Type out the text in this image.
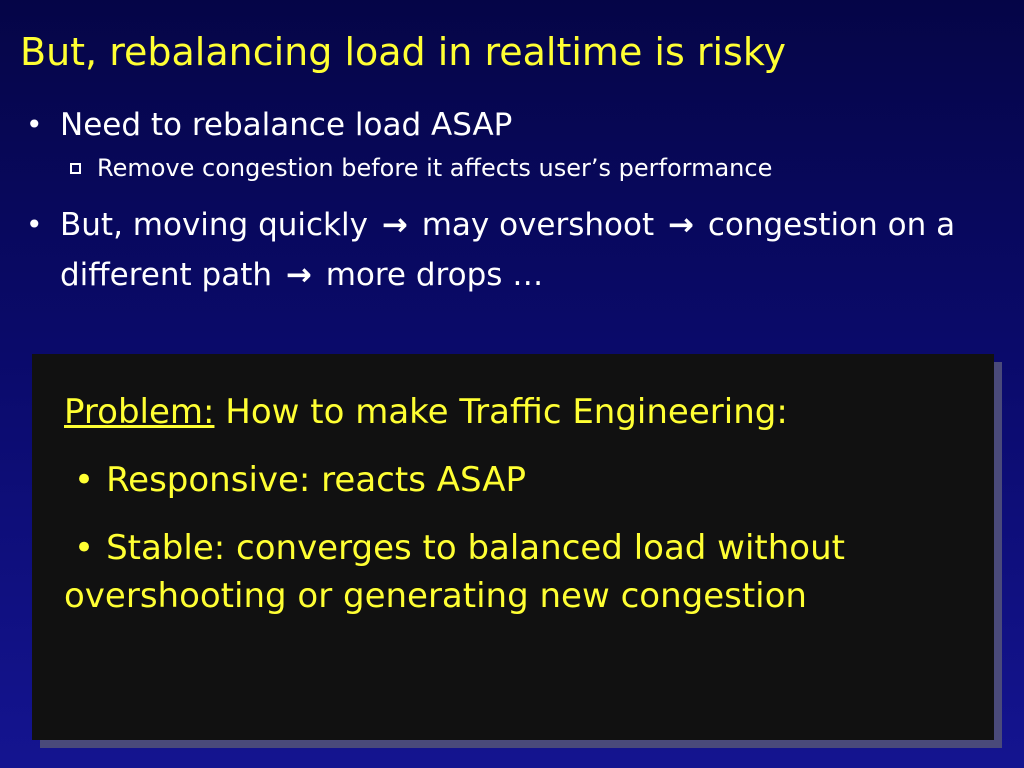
But, rebalancing load in realtime is risky
• Need to rebalance load ASAP
Remove congestion before it affects user’s performance
• But, moving quickly → may overshoot → congestion on a different path → more drops …

Problem: How to make Traffic Engineering:

• Responsive: reacts ASAP

• Stable: converges to balanced load without overshooting or generating new congestion
